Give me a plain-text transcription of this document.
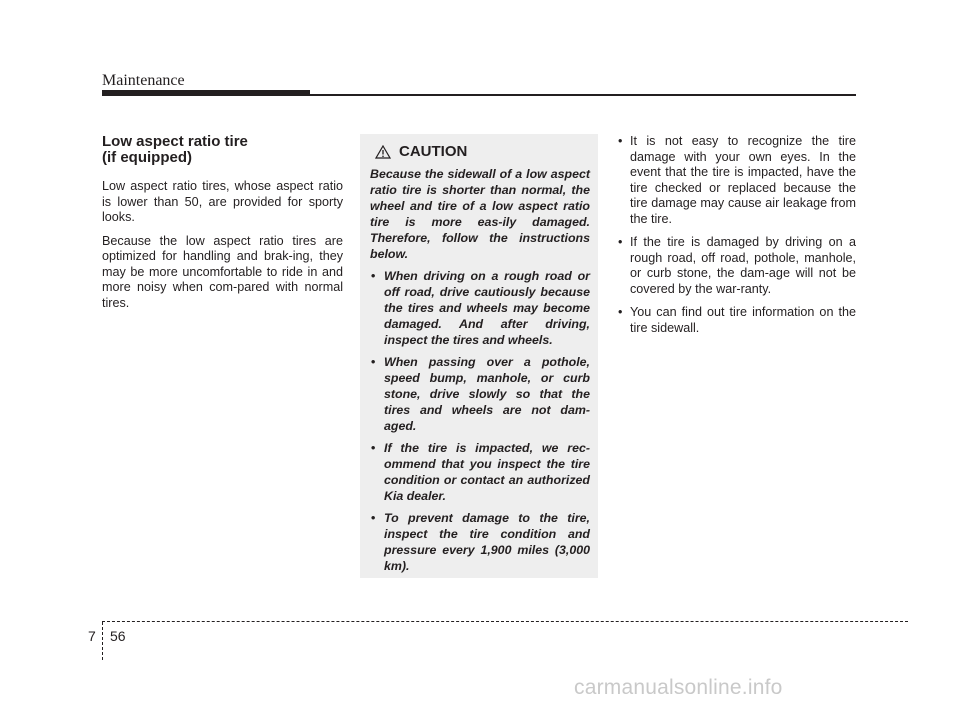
Maintenance
Low aspect ratio tire
(if equipped)

Low aspect ratio tires, whose aspect ratio is lower than 50, are provided for sporty looks.

Because the low aspect ratio tires are optimized for handling and brak-ing, they may be more uncomfortable to ride in and more noisy when com-pared with normal tires.

CAUTION

Because the sidewall of a low aspect ratio tire is shorter than normal, the wheel and tire of a low aspect ratio tire is more eas-ily damaged. Therefore, follow the instructions below.

• When driving on a rough road or off road, drive cautiously because the tires and wheels may become damaged. And after driving, inspect the tires and wheels.
• When passing over a pothole, speed bump, manhole, or curb stone, drive slowly so that the tires and wheels are not dam-aged.
• If the tire is impacted, we rec-ommend that you inspect the tire condition or contact an authorized Kia dealer.
• To prevent damage to the tire, inspect the tire condition and pressure every 1,900 miles (3,000 km).
• It is not easy to recognize the tire damage with your own eyes. In the event that the tire is impacted, have the tire checked or replaced because the tire damage may cause air leakage from the tire.
• If the tire is damaged by driving on a rough road, off road, pothole, manhole, or curb stone, the dam-age will not be covered by the war-ranty.
• You can find out tire information on the tire sidewall.
7 56
carmanualsonline.info
